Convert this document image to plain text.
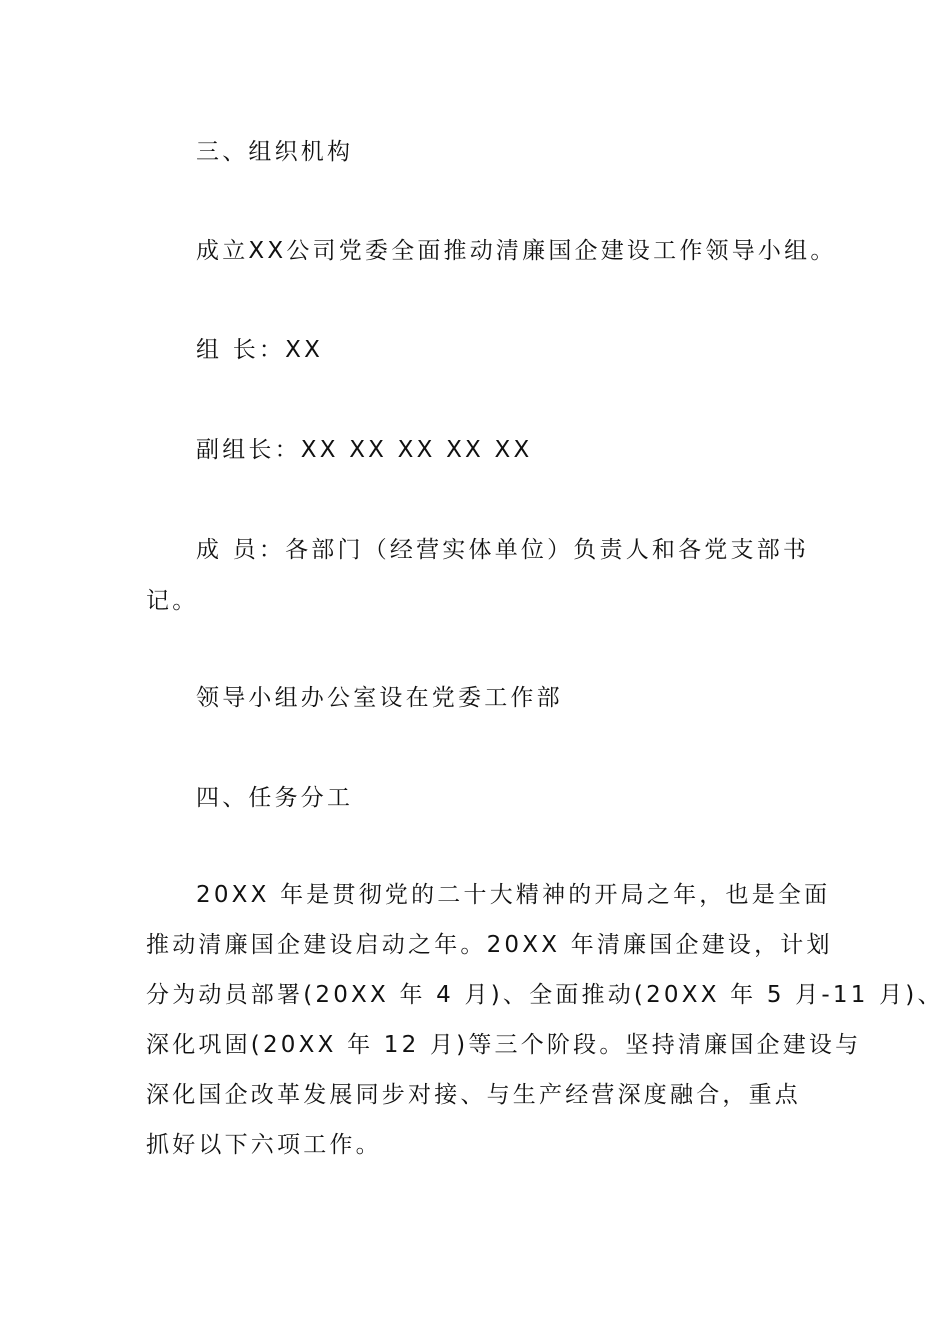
三、组织机构
成立XX公司党委全面推动清廉国企建设工作领导小组。
组 长：XX
副组长：XX XX XX XX XX
成 员：各部门（经营实体单位）负责人和各党支部书
记。
领导小组办公室设在党委工作部
四、任务分工
20XX 年是贯彻党的二十大精神的开局之年，也是全面
推动清廉国企建设启动之年。20XX 年清廉国企建设，计划
分为动员部署(20XX 年 4 月)、全面推动(20XX 年 5 月-11 月)、
深化巩固(20XX 年 12 月)等三个阶段。坚持清廉国企建设与
深化国企改革发展同步对接、与生产经营深度融合，重点
抓好以下六项工作。
